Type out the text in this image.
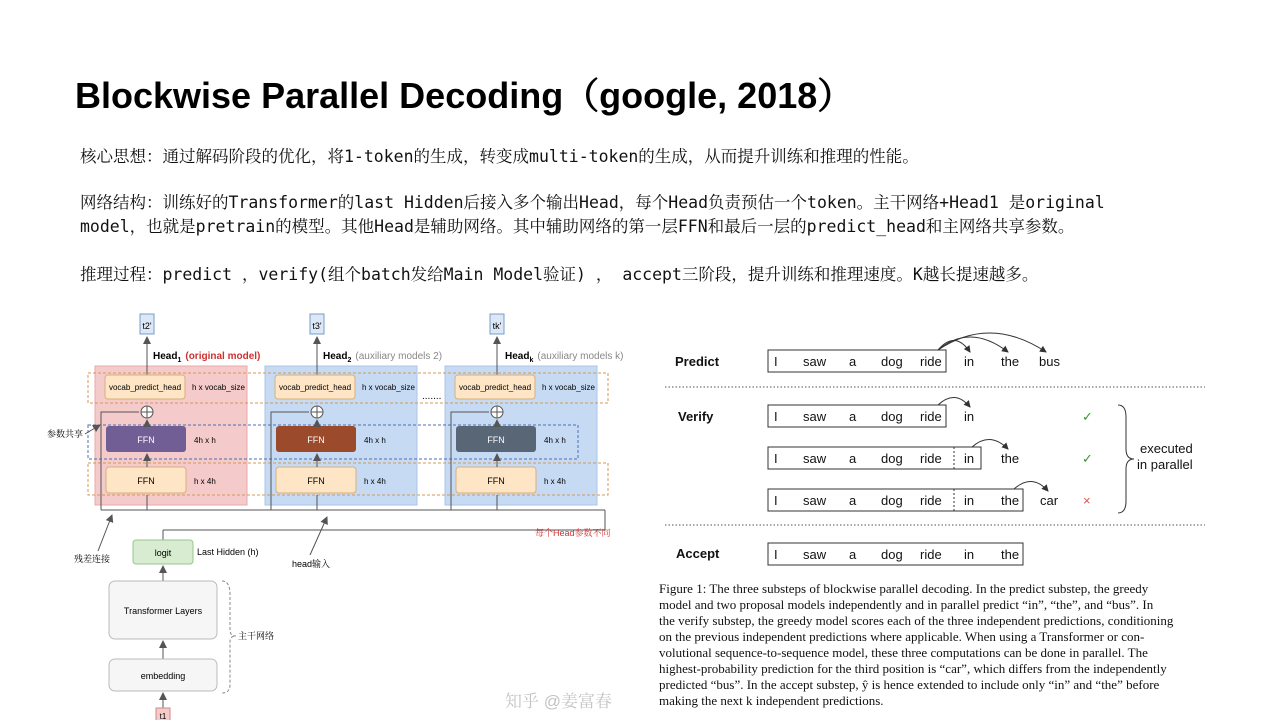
Blockwise Parallel Decoding（google, 2018）
核心思想：通过解码阶段的优化，将1-token的生成，转变成multi-token的生成，从而提升训练和推理的性能。
网络结构：训练好的Transformer的last Hidden后接入多个输出Head，每个Head负责预估一个token。主干网络+Head1 是original
model，也就是pretrain的模型。其他Head是辅助网络。其中辅助网络的第一层FFN和最后一层的predict_head和主网络共享参数。
推理过程：predict ，verify(组个batch发给Main Model验证) ， accept三阶段，提升训练和推理速度。K越长提速越多。
t2'	t3'	tk'
Head$_1$ (original model)	Head$_2$ (auxiliary models 2)	Head$_k$ (auxiliary models k)
vocab_predict_head h x vocab_size	vocab_predict_head h x vocab_size	vocab_predict_head h x vocab_size
.......
FFN	4h x h	FFN	4h x h	FFN	4h x h
FFN	h x 4h	FFN	h x 4h	FFN	h x 4h
参数共享
残差连接	head输入
每个Head参数不同
logit	Last Hidden (h)
Transformer Layers
embedding
主干网络
t1
知乎 @姜富春
Predict	I saw a dog ride in the bus
Verify	I saw a dog ride in	✓
I saw a dog ride in the	✓
I saw a dog ride in the car ×
executed
in parallel
Accept	I saw a dog ride in the
Figure 1: The three substeps of blockwise parallel decoding. In the predict substep, the greedy
model and two proposal models independently and in parallel predict “in”, “the”, and “bus”. In
the verify substep, the greedy model scores each of the three independent predictions, conditioning
on the previous independent predictions where applicable. When using a Transformer or con-
volutional sequence-to-sequence model, these three computations can be done in parallel. The
highest-probability prediction for the third position is “car”, which differs from the independently
predicted “bus”. In the accept substep, ŷ is hence extended to include only “in” and “the” before
making the next k independent predictions.
